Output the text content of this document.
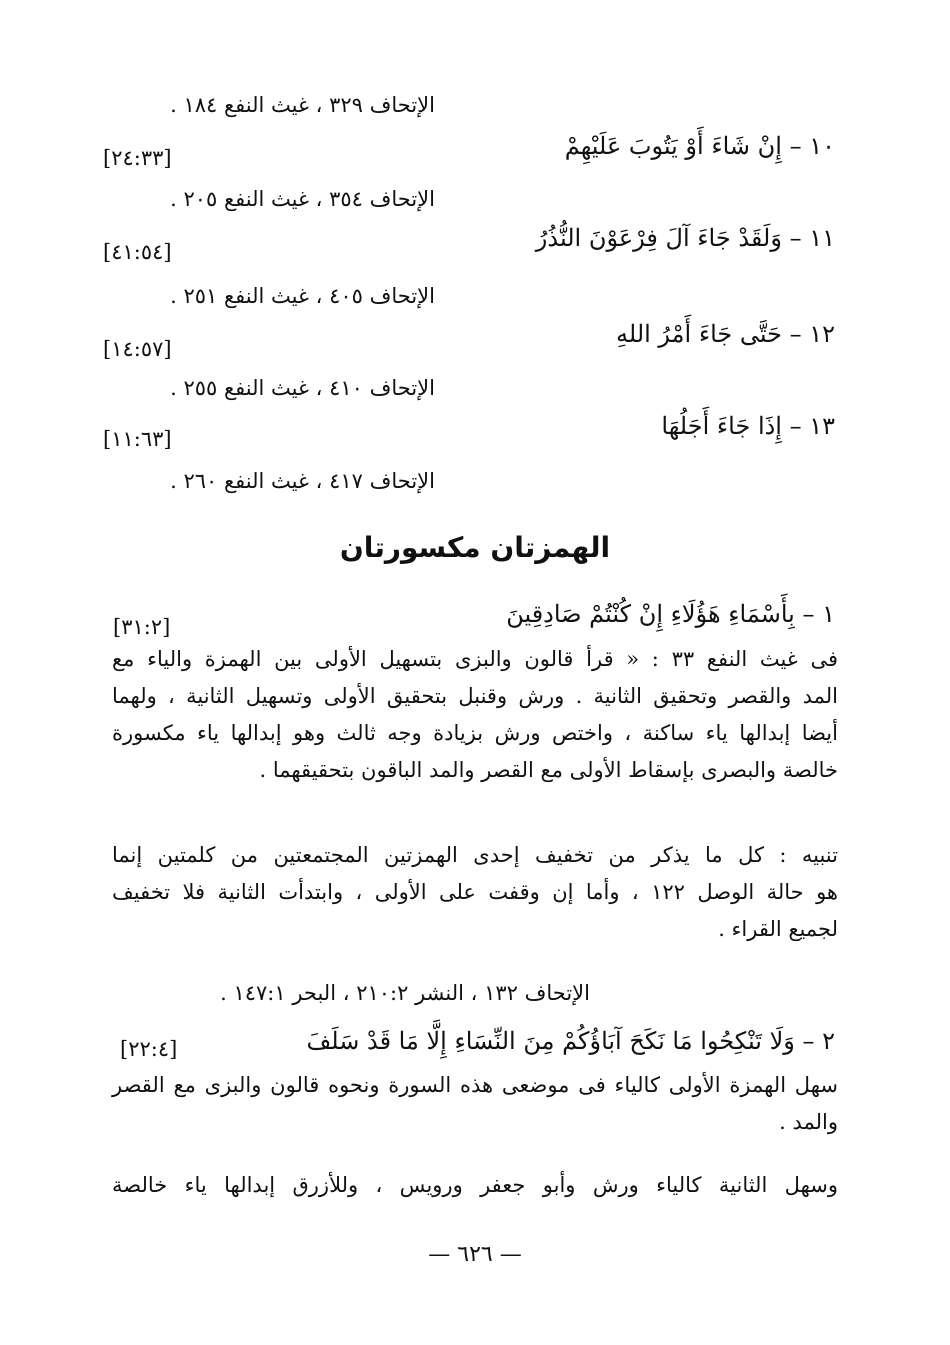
الإتحاف ٣٢٩ ، غيث النفع ١٨٤ .
[٢٤:٣٣]
الإتحاف ٣٥٤ ، غيث النفع ٢٠٥ .
[٤١:٥٤]
الإتحاف ٤٠٥ ، غيث النفع ٢٥١ .
[١٤:٥٧]
الإتحاف ٤١٠ ، غيث النفع ٢٥٥ .
[١١:٦٣]
الإتحاف ٤١٧ ، غيث النفع ٢٦٠ .
١٠ – إِنْ شَاءَ أَوْ يَتُوبَ عَلَيْهِمْ
١١ – وَلَقَدْ جَاءَ آلَ فِرْعَوْنَ النُّذُرُ
١٢ – حَتَّى جَاءَ أَمْرُ اللهِ
١٣ – إِذَا جَاءَ أَجَلُهَا
الهمزتان مكسورتان
١ – بِأَسْمَاءِ هَؤُلَاءِ إِنْ كُنْتُمْ صَادِقِينَ
[٣١:٢]
فى غيث النفع ٣٣ : « قرأ قالون والبزى بتسهيل الأولى بين الهمزة والياء مع
المد والقصر وتحقيق الثانية . ورش وقنبل بتحقيق الأولى وتسهيل الثانية ، ولهما
أيضا إبدالها ياء ساكنة ، واختص ورش بزيادة وجه ثالث وهو إبدالها ياء مكسورة
خالصة والبصرى بإسقاط الأولى مع القصر والمد الباقون بتحقيقهما .
تنبيه : كل ما يذكر من تخفيف إحدى الهمزتين المجتمعتين من كلمتين إنما
هو حالة الوصل ١٢٢ ، وأما إن وقفت على الأولى ، وابتدأت الثانية فلا تخفيف
لجميع القراء .
الإتحاف ١٣٢ ، النشر ٢١٠:٢ ، البحر ١٤٧:١ .
٢ – وَلَا تَنْكِحُوا مَا نَكَحَ آبَاؤُكُمْ مِنَ النِّسَاءِ إِلَّا مَا قَدْ سَلَفَ
[٢٢:٤]
سهل الهمزة الأولى كالياء فى موضعى هذه السورة ونحوه قالون والبزى مع القصر
والمد .
وسهل الثانية كالياء ورش وأبو جعفر ورويس ، وللأزرق إبدالها ياء خالصة
— ٦٢٦ —
